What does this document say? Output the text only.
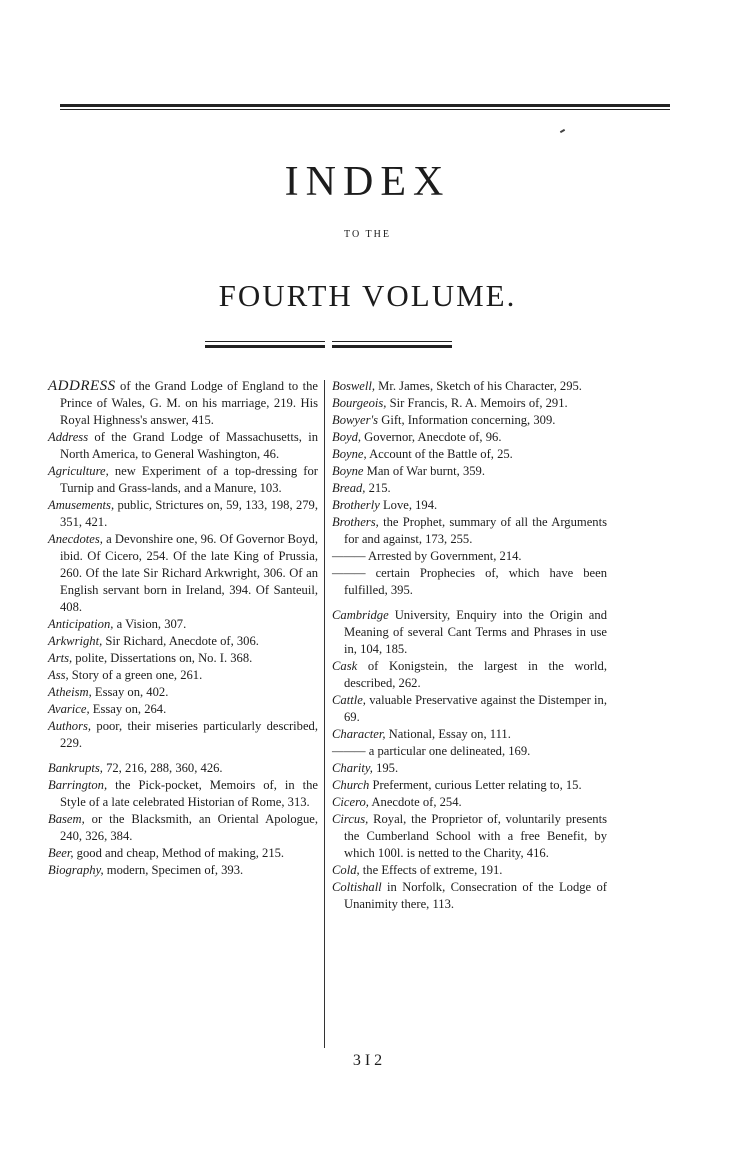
INDEX
TO THE
FOURTH VOLUME.

ADDRESS of the Grand Lodge of England to the Prince of Wales, G. M. on his marriage, 219. His Royal Highness's answer, 415.

Address of the Grand Lodge of Massachusetts, in North America, to General Washington, 46.

Agriculture, new Experiment of a top-dressing for Turnip and Grass-lands, and a Manure, 103.

Amusements, public, Strictures on, 59, 133, 198, 279, 351, 421.

Anecdotes, a Devonshire one, 96. Of Governor Boyd, ibid. Of Cicero, 254. Of the late King of Prussia, 260. Of the late Sir Richard Arkwright, 306. Of an English servant born in Ireland, 394. Of Santeuil, 408.

Anticipation, a Vision, 307.

Arkwright, Sir Richard, Anecdote of, 306.

Arts, polite, Dissertations on, No. I. 368.

Ass, Story of a green one, 261.

Atheism, Essay on, 402.

Avarice, Essay on, 264.

Authors, poor, their miseries particularly described, 229.

Bankrupts, 72, 216, 288, 360, 426.

Barrington, the Pick-pocket, Memoirs of, in the Style of a late celebrated Historian of Rome, 313.

Basem, or the Blacksmith, an Oriental Apologue, 240, 326, 384.

Beer, good and cheap, Method of making, 215.

Biography, modern, Specimen of, 393.

Boswell, Mr. James, Sketch of his Character, 295.

Bourgeois, Sir Francis, R. A. Memoirs of, 291.

Bowyer's Gift, Information concerning, 309.

Boyd, Governor, Anecdote of, 96.

Boyne, Account of the Battle of, 25.

Boyne Man of War burnt, 359.

Bread, 215.

Brotherly Love, 194.

Brothers, the Prophet, summary of all the Arguments for and against, 173, 255.

——— Arrested by Government, 214.

——— certain Prophecies of, which have been fulfilled, 395.

Cambridge University, Enquiry into the Origin and Meaning of several Cant Terms and Phrases in use in, 104, 185.

Cask of Konigstein, the largest in the world, described, 262.

Cattle, valuable Preservative against the Distemper in, 69.

Character, National, Essay on, 111.

——— a particular one delineated, 169.

Charity, 195.

Church Preferment, curious Letter relating to, 15.

Cicero, Anecdote of, 254.

Circus, Royal, the Proprietor of, voluntarily presents the Cumberland School with a free Benefit, by which 100l. is netted to the Charity, 416.

Cold, the Effects of extreme, 191.

Coltishall in Norfolk, Consecration of the Lodge of Unanimity there, 113.

3 I 2
